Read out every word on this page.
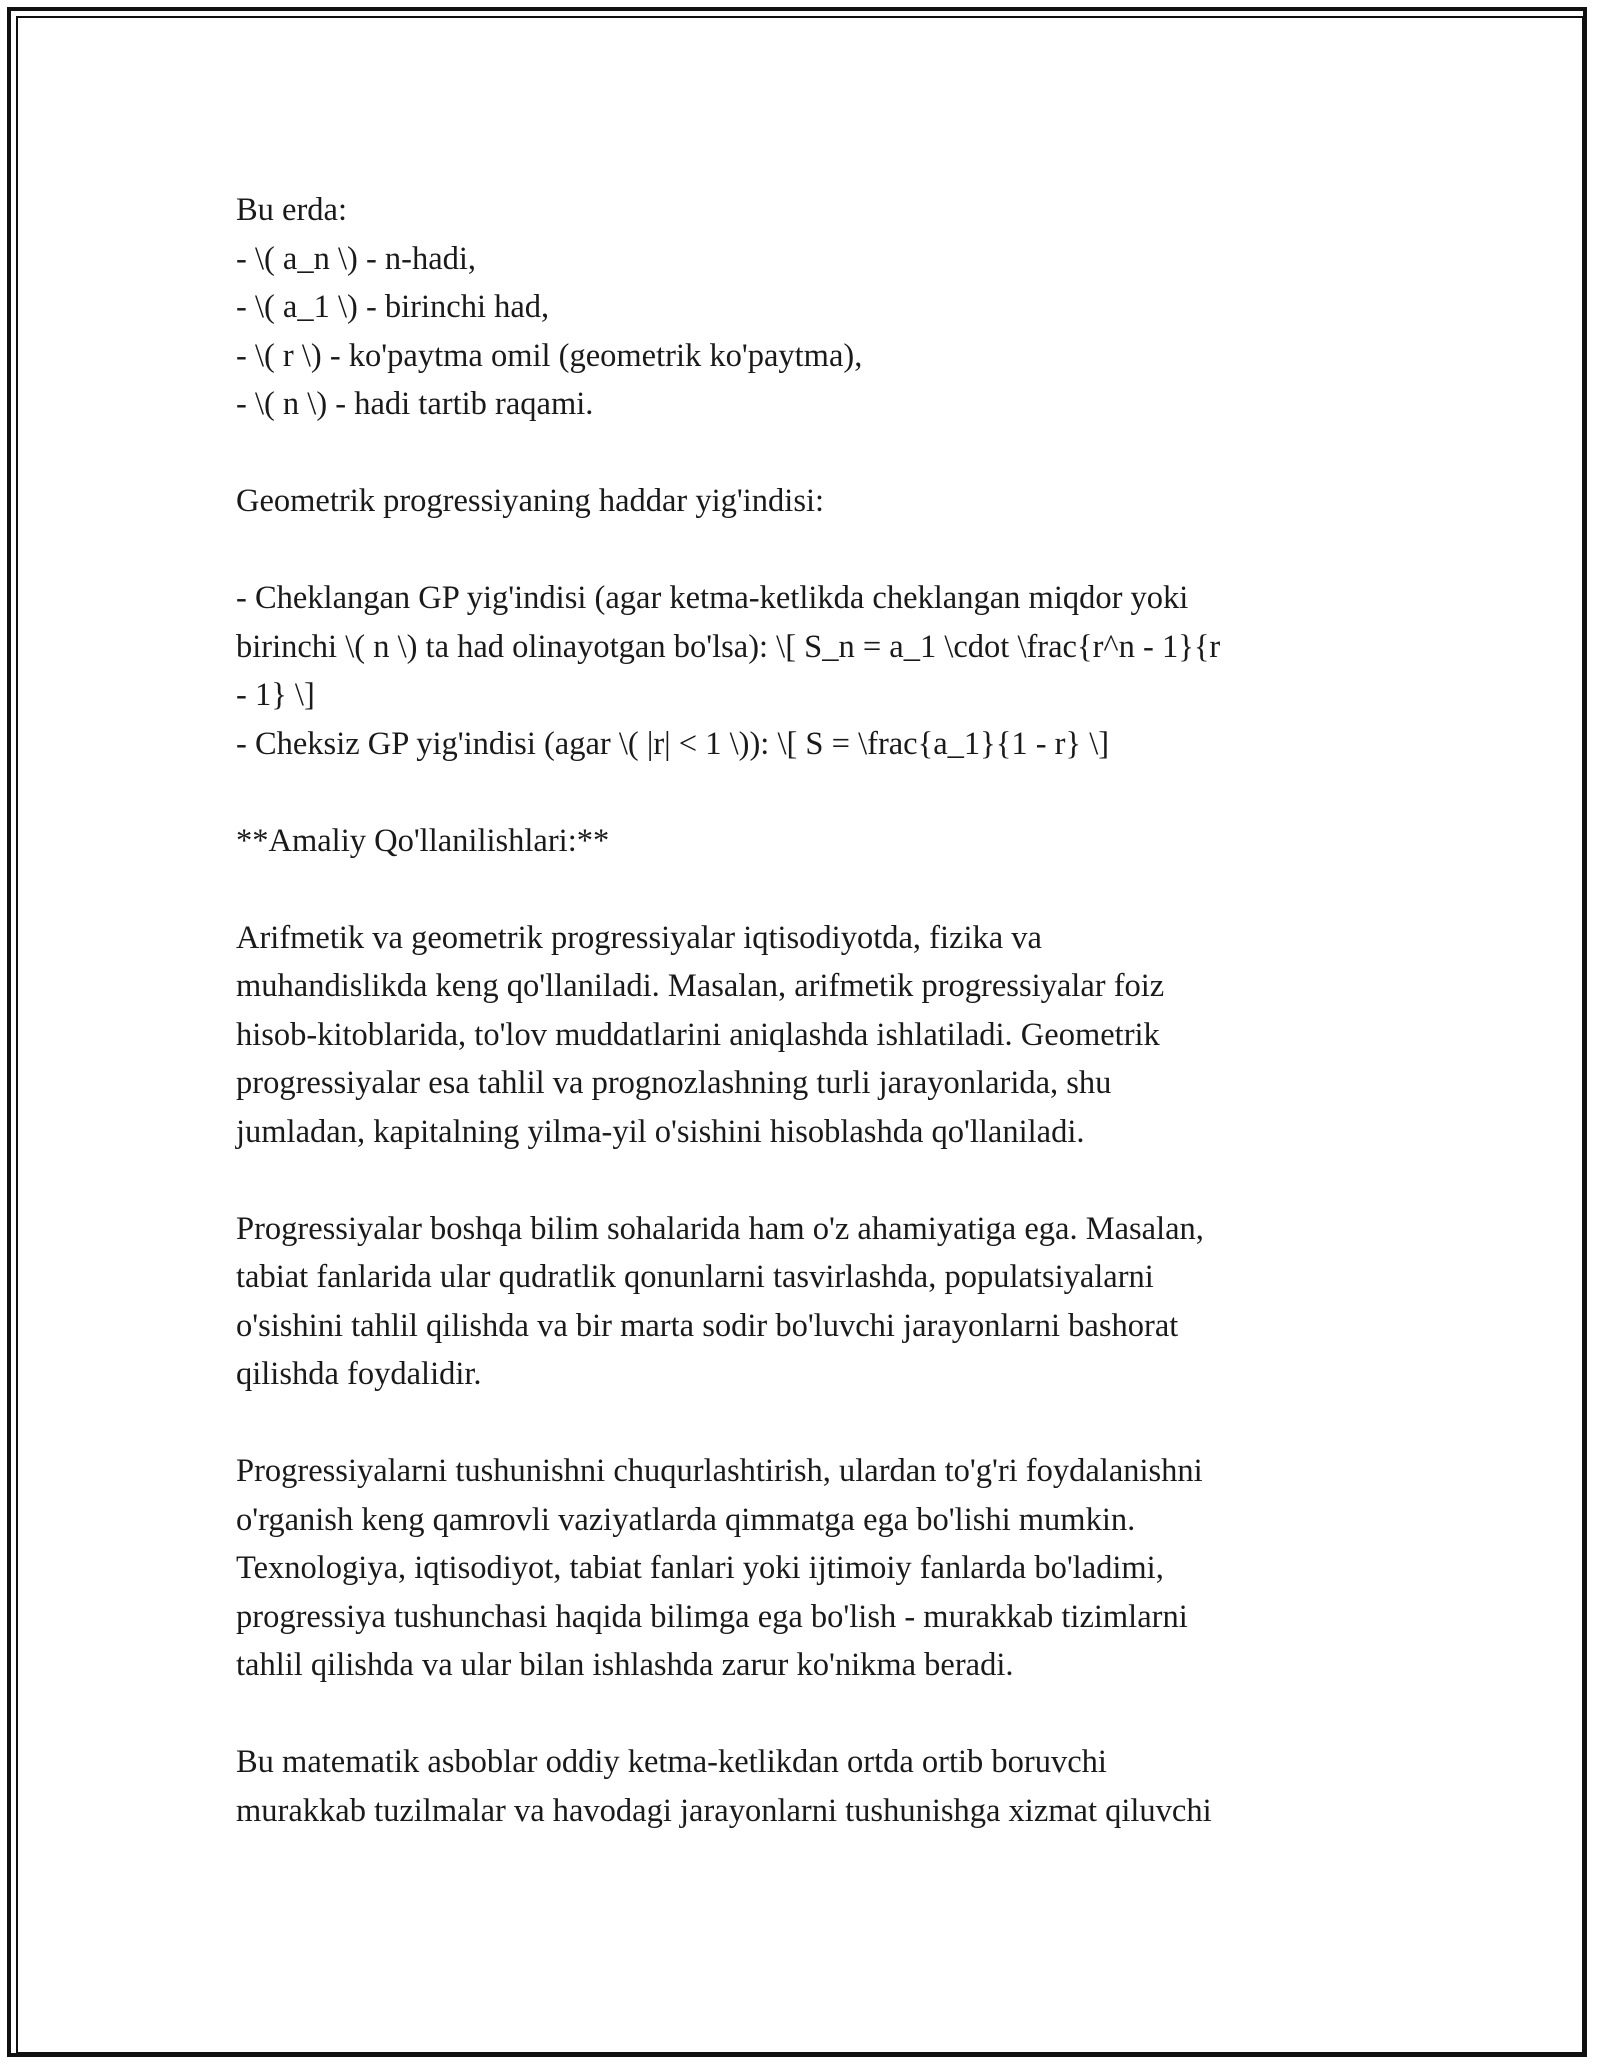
Bu erda:
- \( a_n \) - n-hadi,
- \( a_1 \) - birinchi had,
- \( r \) - ko'paytma omil (geometrik ko'paytma),
- \( n \) - hadi tartib raqami.
Geometrik progressiyaning haddar yig'indisi:
- Cheklangan GP yig'indisi (agar ketma-ketlikda cheklangan miqdor yoki
birinchi \( n \) ta had olinayotgan bo'lsa): \[ S_n = a_1 \cdot \frac{r^n - 1}{r
- 1} \]
- Cheksiz GP yig'indisi (agar \( |r| < 1 \)): \[ S = \frac{a_1}{1 - r} \]
**Amaliy Qo'llanilishlari:**
Arifmetik va geometrik progressiyalar iqtisodiyotda, fizika va
muhandislikda keng qo'llaniladi. Masalan, arifmetik progressiyalar foiz
hisob-kitoblarida, to'lov muddatlarini aniqlashda ishlatiladi. Geometrik
progressiyalar esa tahlil va prognozlashning turli jarayonlarida, shu
jumladan, kapitalning yilma-yil o'sishini hisoblashda qo'llaniladi.
Progressiyalar boshqa bilim sohalarida ham o'z ahamiyatiga ega. Masalan,
tabiat fanlarida ular qudratlik qonunlarni tasvirlashda, populatsiyalarni
o'sishini tahlil qilishda va bir marta sodir bo'luvchi jarayonlarni bashorat
qilishda foydalidir.
Progressiyalarni tushunishni chuqurlashtirish, ulardan to'g'ri foydalanishni
o'rganish keng qamrovli vaziyatlarda qimmatga ega bo'lishi mumkin.
Texnologiya, iqtisodiyot, tabiat fanlari yoki ijtimoiy fanlarda bo'ladimi,
progressiya tushunchasi haqida bilimga ega bo'lish - murakkab tizimlarni
tahlil qilishda va ular bilan ishlashda zarur ko'nikma beradi.
Bu matematik asboblar oddiy ketma-ketlikdan ortda ortib boruvchi
murakkab tuzilmalar va havodagi jarayonlarni tushunishga xizmat qiluvchi
